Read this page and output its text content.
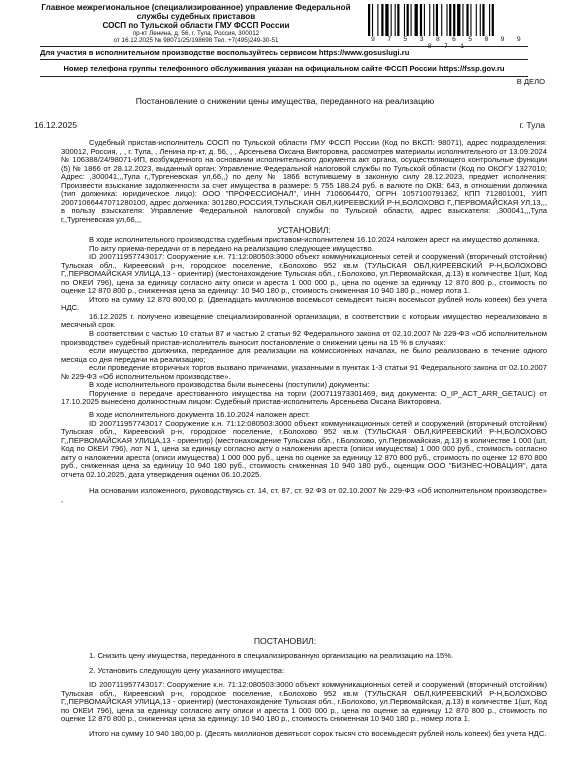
Главное межрегиональное (специализированное) управление Федеральной
службы судебных приставов
СОСП по Тульской области ГМУ ФССП России
пр-кт Ленина, д. 56, г. Тула, Россия, 300012
от 16.12.2025 № 98071/25/198698 Тел. +7(495)249-30-51	9 7 5 3 8 6 5 8 9 9 8 7 1
Для участия в исполнительном производстве воспользуйтесь сервисом https://www.gosuslugi.ru
Номер телефона группы телефонного обслуживания указан на официальном сайте ФССП России https://fssp.gov.ru
В ДЕЛО
Постановление о снижении цены имущества, переданного на реализацию
16.12.2025	г. Тула

Судебный пристав-исполнитель СОСП по Тульской области ГМУ ФССП России (Код по ВКСП: 98071), адрес подразделения: 300012, Россия, , , г. Тула, , Ленина пр-кт, д. 56, , , Арсеньева Оксана Викторовна, рассмотрев материалы исполнительного от 13.09.2024 № 106388/24/98071-ИП, возбужденного на основании исполнительного документа акт органа, осуществляющего контрольные функции (5) № 1866 от 28.12.2023, выданный орган: Управление Федеральной налоговой службы по Тульской области (Код по ОКОГУ 1327010; Адрес: ,300041,,,Тула г,,Тургеневская ул,66,,) по делу № 1866 вступившему в законную силу 28.12.2023, предмет исполнения: Произвести взыскание задолженности за счет имущества в размере: 5 755 188.24 руб. в валюте по ОКВ: 643, в отношении должника (тип должника: юридическое лицо): ООО "ПРОФЕССИОНАЛ", ИНН 7106064470, ОГРН 1057100791362, КПП 712801001, УИП 20071066447071280100, адрес должника: 301280,РОССИЯ,ТУЛЬСКАЯ ОБЛ,КИРЕЕВСКИЙ Р-Н,БОЛОХОВО Г,,ПЕРВОМАЙСКАЯ УЛ,13,,, в пользу взыскателя: Управление Федеральной налоговой службы по Тульской области, адрес взыскателя: ,300041,,,Тула г,,Тургеневская ул,66,,,

УСТАНОВИЛ:

В ходе исполнительного производства судебным приставом-исполнителем 16.10.2024 наложен арест на имущество должника.

По акту приема-передачи от в передано на реализацию следующее имущество.

ID 20071195774З017: Сооружение к.н. 71:12:080503:3000 объект коммуникационных сетей и сооружений (вторичный отстойник) Тульская обл., Киреевский р-н, городское поселение, г.Болохово 952 кв.м (ТУЛЬСКАЯ ОБЛ,КИРЕЕВСКИЙ Р-Н,БОЛОХОВО Г,,ПЕРВОМАЙСКАЯ УЛИЦА,13 - ориентир) (местонахождение Тульская обл., г.Болохово, ул.Первомайская, д.13) в количестве 1(шт, Код по ОКЕИ 796), цена за единицу согласно акту описи и ареста 1 000 000 р., цена по оценке за единицу 12 870 800 р., стоимость по оценке 12 870 800 р., сниженная цена за единицу: 10 940 180 р., стоимость сниженная 10 940 180 р., номер лота 1.

Итого на сумму 12 870 800,00 р. (Двенадцать миллионов восемьсот семьдесят тысяч восемьсот рублей ноль копеек) без учета НДС.

16.12.2025 г. получено извещение специализированной организации, в соответствии с которым имущество нереализовано в месячный срок.

В соответствии с частью 10 статьи 87 и частью 2 статьи 92 Федерального закона от 02.10.2007 № 229-ФЗ «Об исполнительном производстве» судебный пристав-исполнитель выносит постановление о снижении цены на 15 % в случаях:

если имущество должника, переданное для реализации на комиссионных началах, не было реализовано в течение одного месяца со дня передачи на реализацию;

если проведение вторичных торгов вызвано причинами, указанными в пунктах 1-3 статьи 91 Федерального закона от 02.10.2007 № 229-ФЗ «Об исполнительном производстве».

В ходе исполнительного производства были вынесены (поступили) документы:

Поручение о передаче арестованного имущества на торги (200711973301469, вид документа: O_IP_ACT_ARR_GETAUC) от 17.10.2025 вынесено должностным лицом: Судебный пристав-исполнитель Арсеньева Оксана Викторовна.

В ходе исполнительного документа 16.10.2024 наложен арест.

ID 20071195774З017 Сооружение к.н. 71:12:080503:3000 объект коммуникационных сетей и сооружений (вторичный отстойник) Тульская обл., Киреевский р-н, городское поселение, г.Болохово 952 кв.м (ТУЛЬСКАЯ ОБЛ,КИРЕЕВСКИЙ Р-Н,БОЛОХОВО Г,,ПЕРВОМАЙСКАЯ УЛИЦА,13 - ориентир) (местонахождение Тульская обл., г.Болохово, ул.Первомайская, д.13) в количестве 1 000 (шт, Код по ОКЕИ 796), лот N 1, цена за единицу согласно акту о наложении ареста (описи имущества) 1 000 000 руб., стоимость согласно акту о наложении ареста (описи имущества) 1 000 000 руб., цена по оценке за единицу 12 870 800 руб., стоимость по оценке 12 870 800 руб., сниженная цена за единицу 10 940 180 руб., стоимость сниженная 10 940 180 руб., оценщик ООО "БИЗНЕС-НОВАЦИЯ", дата отчета 02.10.2025, дата утверждения оценки 06.10.2025.

На основании изложенного, руководствуясь ст. 14, ст. 87, ст. 92 ФЗ от 02.10.2007 № 229-ФЗ «Об исполнительном производстве» ,

ПОСТАНОВИЛ:

1. Снизить цену имущества, переданного в специализированную организацию на реализацию на 15%.

2. Установить следующую цену указанного имущества:

ID 20071195774З017: Сооружение к.н. 71:12:080503:3000 объект коммуникационных сетей и сооружений (вторичный отстойник) Тульская обл., Киреевский р-н, городское поселение, г.Болохово 952 кв.м (ТУЛЬСКАЯ ОБЛ,КИРЕЕВСКИЙ Р-Н,БОЛОХОВО Г,,ПЕРВОМАЙСКАЯ УЛИЦА,13 - ориентир) (местонахождение Тульская обл., г.Болохово, ул.Первомайская, д.13) в количестве 1(шт, Код по ОКЕИ 796), цена за единицу согласно акту описи и ареста 1 000 000 р., цена по оценке за единицу 12 870 800 р., стоимость по оценке 12 870 800 р., сниженная цена за единицу: 10 940 180 р., стоимость сниженная 10 940 180 р., номер лота 1.

Итого на сумму 10 940 180,00 р. (Десять миллионов девятьсот сорок тысяч сто восемьдесят рублей ноль копеек) без учета НДС.
